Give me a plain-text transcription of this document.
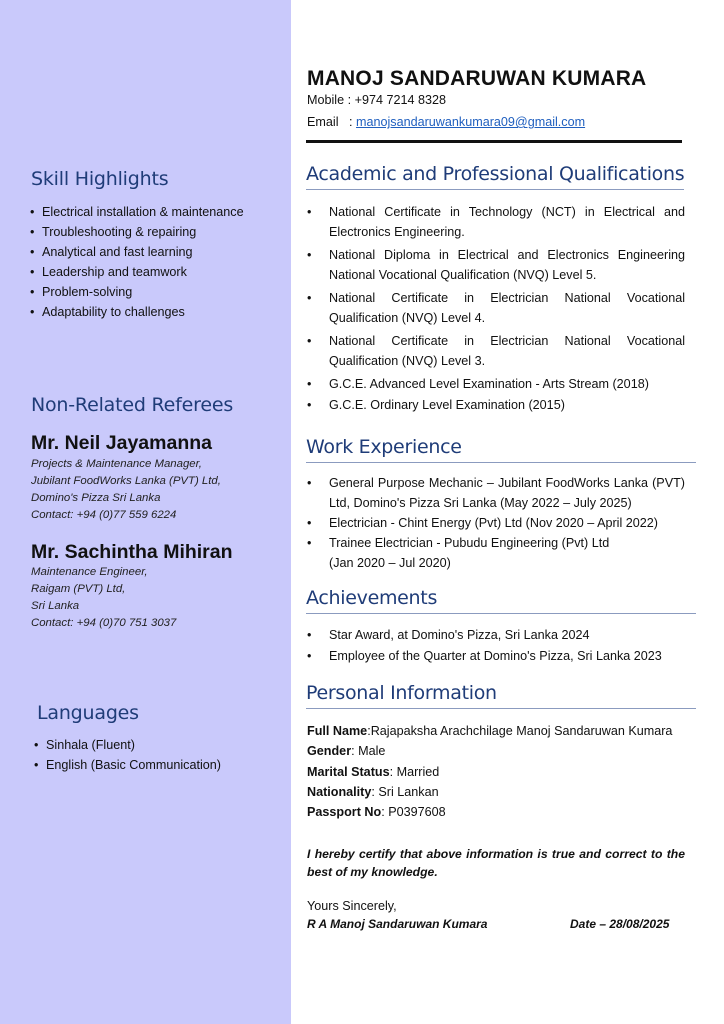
Skill Highlights
• Electrical installation & maintenance
• Troubleshooting & repairing
• Analytical and fast learning
• Leadership and teamwork
• Problem-solving
• Adaptability to challenges
Non-Related Referees
Mr. Neil Jayamanna
Projects & Maintenance Manager,
Jubilant FoodWorks Lanka (PVT) Ltd,
Domino's Pizza Sri Lanka
Contact: +94 (0)77 559 6224
Mr. Sachintha Mihiran
Maintenance Engineer,
Raigam (PVT) Ltd,
Sri Lanka
Contact: +94 (0)70 751 3037
Languages
• Sinhala (Fluent)
• English (Basic Communication)
MANOJ SANDARUWAN KUMARA
Mobile : +974 7214 8328
Email   : manojsandaruwankumara09@gmail.com
Academic and Professional Qualifications
•	National Certificate in Technology (NCT) in Electrical and Electronics Engineering.
•	National Diploma in Electrical and Electronics Engineering National Vocational Qualification (NVQ) Level 5.
•	National Certificate in Electrician National Vocational Qualification (NVQ) Level 4.
•	National Certificate in Electrician National Vocational Qualification (NVQ) Level 3.
•	G.C.E. Advanced Level Examination - Arts Stream (2018)
•	G.C.E. Ordinary Level Examination (2015)
Work Experience
•	General Purpose Mechanic – Jubilant FoodWorks Lanka (PVT) Ltd, Domino's Pizza Sri Lanka (May 2022 – July 2025)
•	Electrician - Chint Energy (Pvt) Ltd (Nov 2020 – April 2022)
•	Trainee Electrician - Pubudu Engineering (Pvt) Ltd (Jan 2020 – Jul 2020)
Achievements
•	Star Award, at Domino's Pizza, Sri Lanka 2024
•	Employee of the Quarter at Domino's Pizza, Sri Lanka 2023
Personal Information
Full Name:Rajapaksha Arachchilage Manoj Sandaruwan Kumara
Gender: Male
Marital Status: Married
Nationality: Sri Lankan
Passport No: P0397608
I hereby certify that above information is true and correct to the best of my knowledge.
Yours Sincerely,
R A Manoj Sandaruwan Kumara	Date – 28/08/2025
